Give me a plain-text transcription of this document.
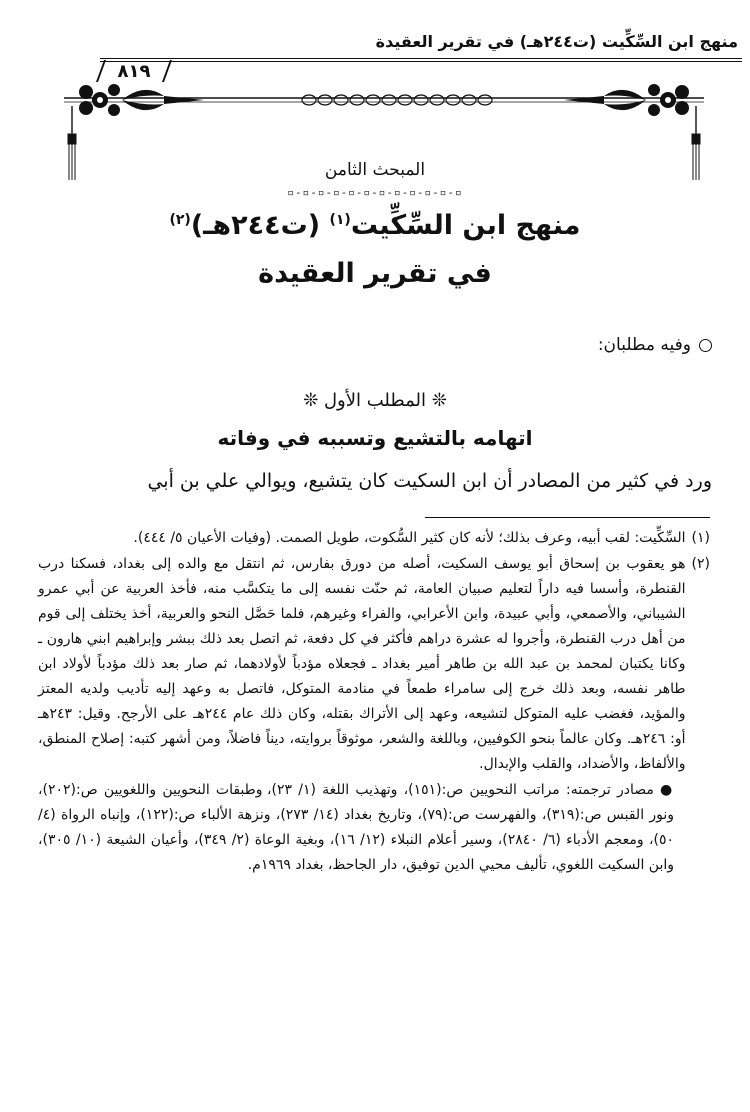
منهج ابن السِّكِّيت (ت٢٤٤هـ) في تقرير العقيدة
٨١٩
المبحث الثامن
▫-▫-▫-▫-▫-▫-▫-▫-▫-▫-▫-▫
منهج ابن السِّكِّيت$^{(١)}$ (ت٢٤٤هـ)$^{(٢)}$
في تقرير العقيدة
وفيه مطلبان:
❊ المطلب الأول ❊
اتهامه بالتشيع وتسببه في وفاته
ورد في كثير من المصادر أن ابن السكيت كان يتشيع، ويوالي علي بن أبي
(١)
السِّكِّيت: لقب أبيه، وعرف بذلك؛ لأنه كان كثير السُّكوت، طويل الصمت. (وفيات الأعيان ٥/ ٤٤٤).
(٢)
هو يعقوب بن إسحاق أبو يوسف السكيت، أصله من دورق بفارس، ثم انتقل مع والده إلى بغداد، فسكنا درب القنطرة، وأسسا فيه داراً لتعليم صبيان العامة، ثم حنّت نفسه إلى ما يتكسَّب منه، فأخذ العربية عن أبي عمرو الشيباني، والأصمعي، وأبي عبيدة، وابن الأعرابي، والفراء وغيرهم، فلما حَصَّل النحو والعربية، أخذ يختلف إلى قوم من أهل درب القنطرة، وأجروا له عشرة دراهم فأكثر في كل دفعة، ثم اتصل بعد ذلك ببشر وإبراهيم ابني هارون ـ وكانا يكتبان لمحمد بن عبد الله بن طاهر أمير بغداد ـ فجعلاه مؤدباً لأولادهما، ثم صار بعد ذلك مؤدباً لأولاد ابن طاهر نفسه، وبعد ذلك خرج إلى سامراء طمعاً في منادمة المتوكل، فاتصل به وعهد إليه تأديب ولديه المعتز والمؤيد، فغضب عليه المتوكل لتشيعه، وعهد إلى الأتراك بقتله، وكان ذلك عام ٢٤٤هـ على الأرجح. وقيل: ٢٤٣هـ أو: ٢٤٦هـ. وكان عالماً بنحو الكوفيين، وباللغة والشعر، موثوقاً بروايته، ديناً فاضلاً، ومن أشهر كتبه: إصلاح المنطق، والألفاظ، والأضداد، والقلب والإبدال.
● مصادر ترجمته: مراتب النحويين ص:(١٥١)، وتهذيب اللغة (١/ ٢٣)، وطبقات النحويين واللغويين ص:(٢٠٢)، ونور القبس ص:(٣١٩)، والفهرست ص:(٧٩)، وتاريخ بغداد (١٤/ ٢٧٣)، ونزهة الألباء ص:(١٢٢)، وإنباه الرواة (٤/ ٥٠)، ومعجم الأدباء (٦/ ٢٨٤٠)، وسير أعلام النبلاء (١٢/ ١٦)، وبغية الوعاة (٢/ ٣٤٩)، وأعيان الشيعة (١٠/ ٣٠٥)، وابن السكيت اللغوي، تأليف محيي الدين توفيق، دار الجاحظ، بغداد ١٩٦٩م.
